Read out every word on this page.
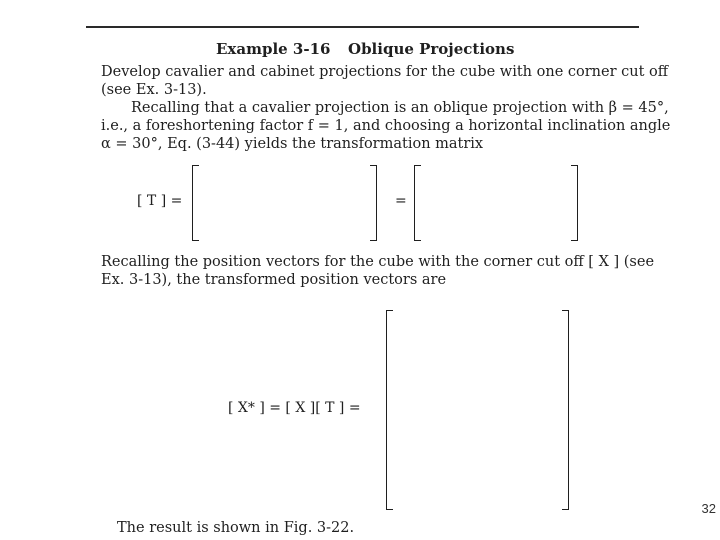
Example 3-16 Oblique Projections
Develop cavalier and cabinet projections for the cube with one corner cut off
(see Ex. 3-13).
Recalling that a cavalier projection is an oblique projection with β = 45°,
i.e., a foreshortening factor f = 1, and choosing a horizontal inclination angle
α = 30°, Eq. (3-44) yields the transformation matrix
[ T ] =	=
Recalling the position vectors for the cube with the corner cut off [ X ] (see
Ex. 3-13), the transformed position vectors are
[ X* ] = [ X ][ T ] =
The result is shown in Fig. 3-22.
32
